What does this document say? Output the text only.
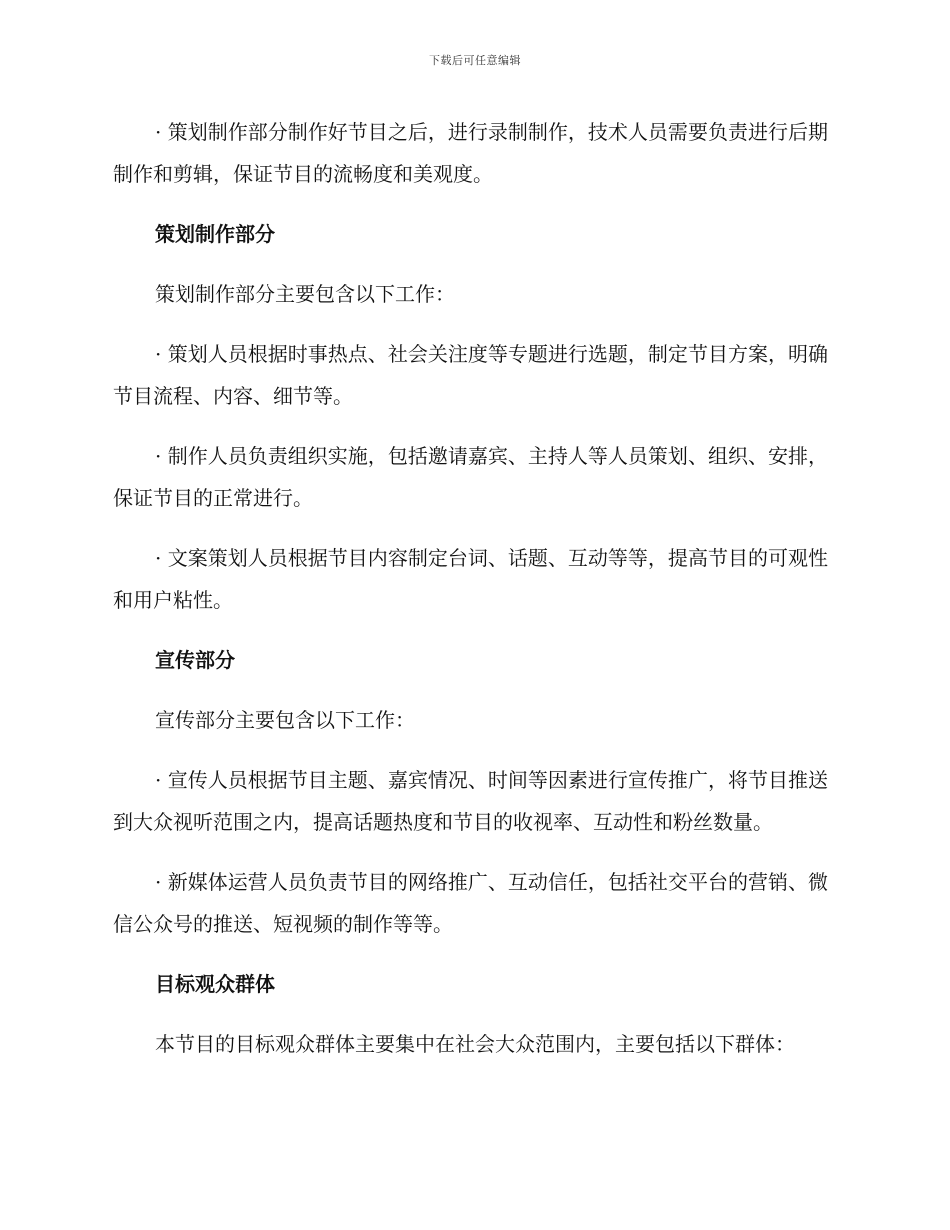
下载后可任意编辑

· 策划制作部分制作好节目之后，进行录制制作，技术人员需要负责进行后期制作和剪辑，保证节目的流畅度和美观度。

策划制作部分

策划制作部分主要包含以下工作：

· 策划人员根据时事热点、社会关注度等专题进行选题，制定节目方案，明确节目流程、内容、细节等。

· 制作人员负责组织实施，包括邀请嘉宾、主持人等人员策划、组织、安排，保证节目的正常进行。

· 文案策划人员根据节目内容制定台词、话题、互动等等，提高节目的可观性和用户粘性。

宣传部分

宣传部分主要包含以下工作：

· 宣传人员根据节目主题、嘉宾情况、时间等因素进行宣传推广，将节目推送到大众视听范围之内，提高话题热度和节目的收视率、互动性和粉丝数量。

· 新媒体运营人员负责节目的网络推广、互动信任，包括社交平台的营销、微信公众号的推送、短视频的制作等等。

目标观众群体

本节目的目标观众群体主要集中在社会大众范围内，主要包括以下群体：
